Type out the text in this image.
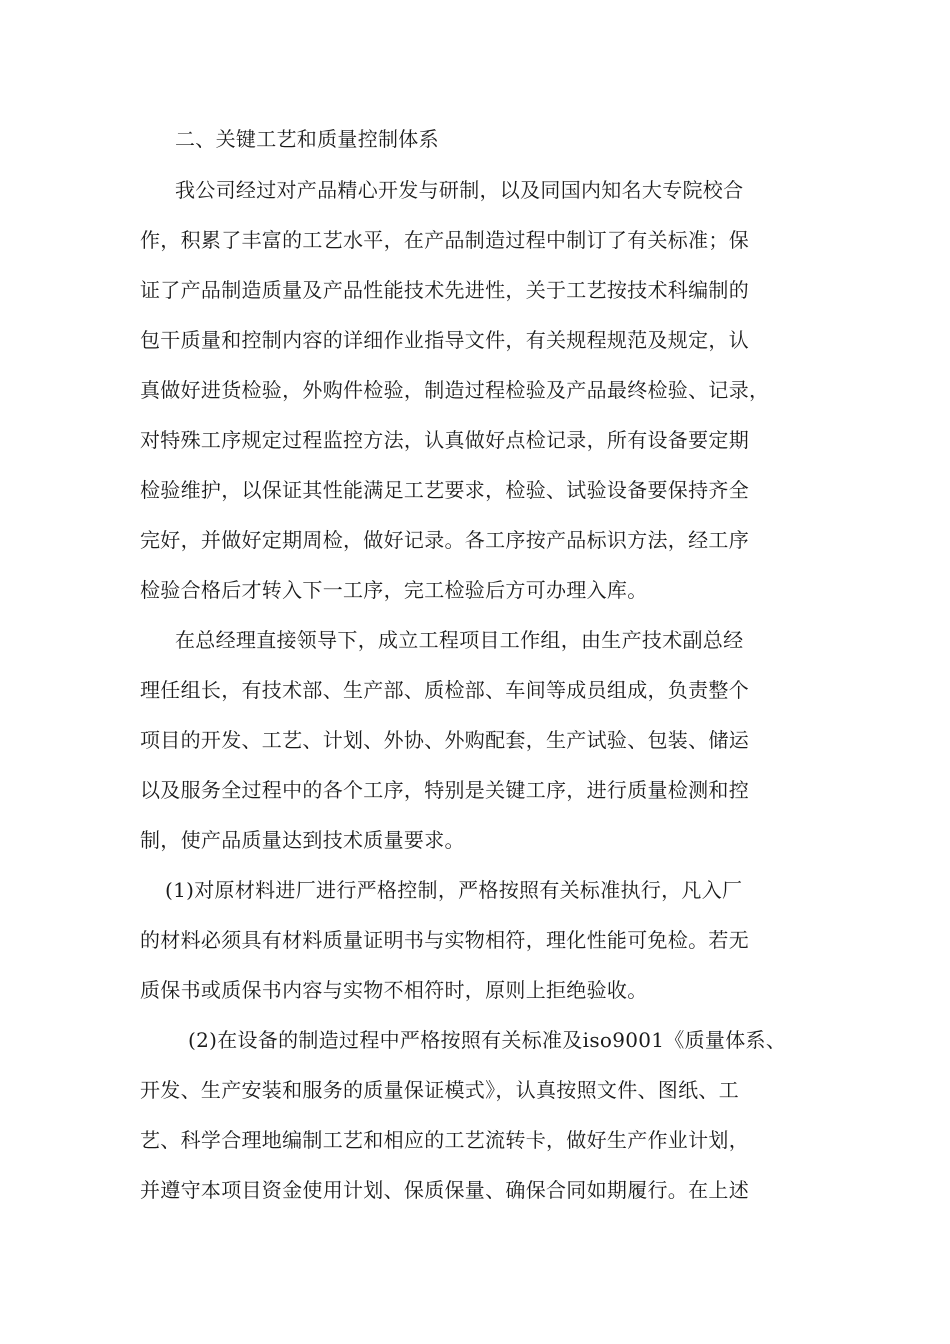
二、关键工艺和质量控制体系
我公司经过对产品精心开发与研制，以及同国内知名大专院校合
作，积累了丰富的工艺水平，在产品制造过程中制订了有关标准；保
证了产品制造质量及产品性能技术先进性，关于工艺按技术科编制的
包干质量和控制内容的详细作业指导文件，有关规程规范及规定，认
真做好进货检验，外购件检验，制造过程检验及产品最终检验、记录，
对特殊工序规定过程监控方法，认真做好点检记录，所有设备要定期
检验维护，以保证其性能满足工艺要求，检验、试验设备要保持齐全
完好，并做好定期周检，做好记录。各工序按产品标识方法，经工序
检验合格后才转入下一工序，完工检验后方可办理入库。
在总经理直接领导下，成立工程项目工作组，由生产技术副总经
理任组长，有技术部、生产部、质检部、车间等成员组成，负责整个
项目的开发、工艺、计划、外协、外购配套，生产试验、包装、储运
以及服务全过程中的各个工序，特别是关键工序，进行质量检测和控
制，使产品质量达到技术质量要求。
(1)对原材料进厂进行严格控制，严格按照有关标准执行，凡入厂
的材料必须具有材料质量证明书与实物相符，理化性能可免检。若无
质保书或质保书内容与实物不相符时，原则上拒绝验收。
(2)在设备的制造过程中严格按照有关标准及iso9001《质量体系、
开发、生产安装和服务的质量保证模式》，认真按照文件、图纸、工
艺、科学合理地编制工艺和相应的工艺流转卡，做好生产作业计划，
并遵守本项目资金使用计划、保质保量、确保合同如期履行。在上述
